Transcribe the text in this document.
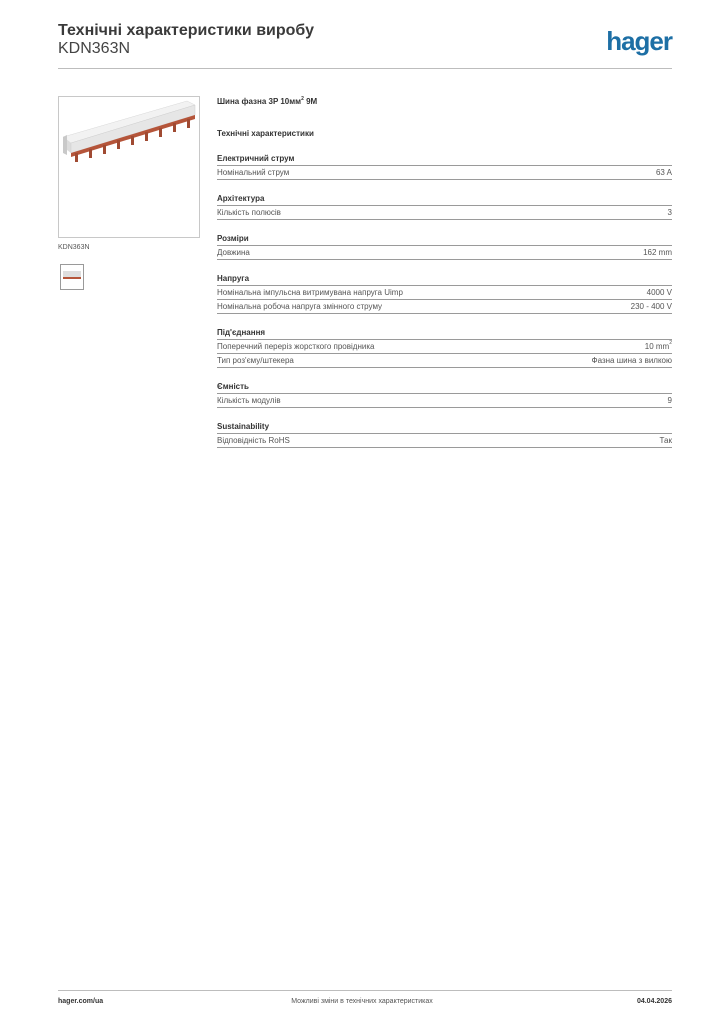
Технічні характеристики виробу
KDN363N	hager
KDN363N
Шина фазна 3P $10мм^2$ 9M
Технічні характеристики
Електричний струм
Номінальний струм	63 A
Архітектура
Кількість полюсів	3
Розміри
Довжина	162 mm
Напруга
Номінальна імпульсна витримувана напруга Uimp	4000 V
Номінальна робоча напруга змінного струму	230 - 400 V
Під'єднання
Поперечний переріз жорсткого провідника	10 $mm^2$
Тип роз'єму/штекера	Фазна шина з вилкою
Ємність
Кількість модулів	9
Sustainability
Відповідність RoHS	Так
hager.com/ua	Можливі зміни в технічних характеристиках	04.04.2026
